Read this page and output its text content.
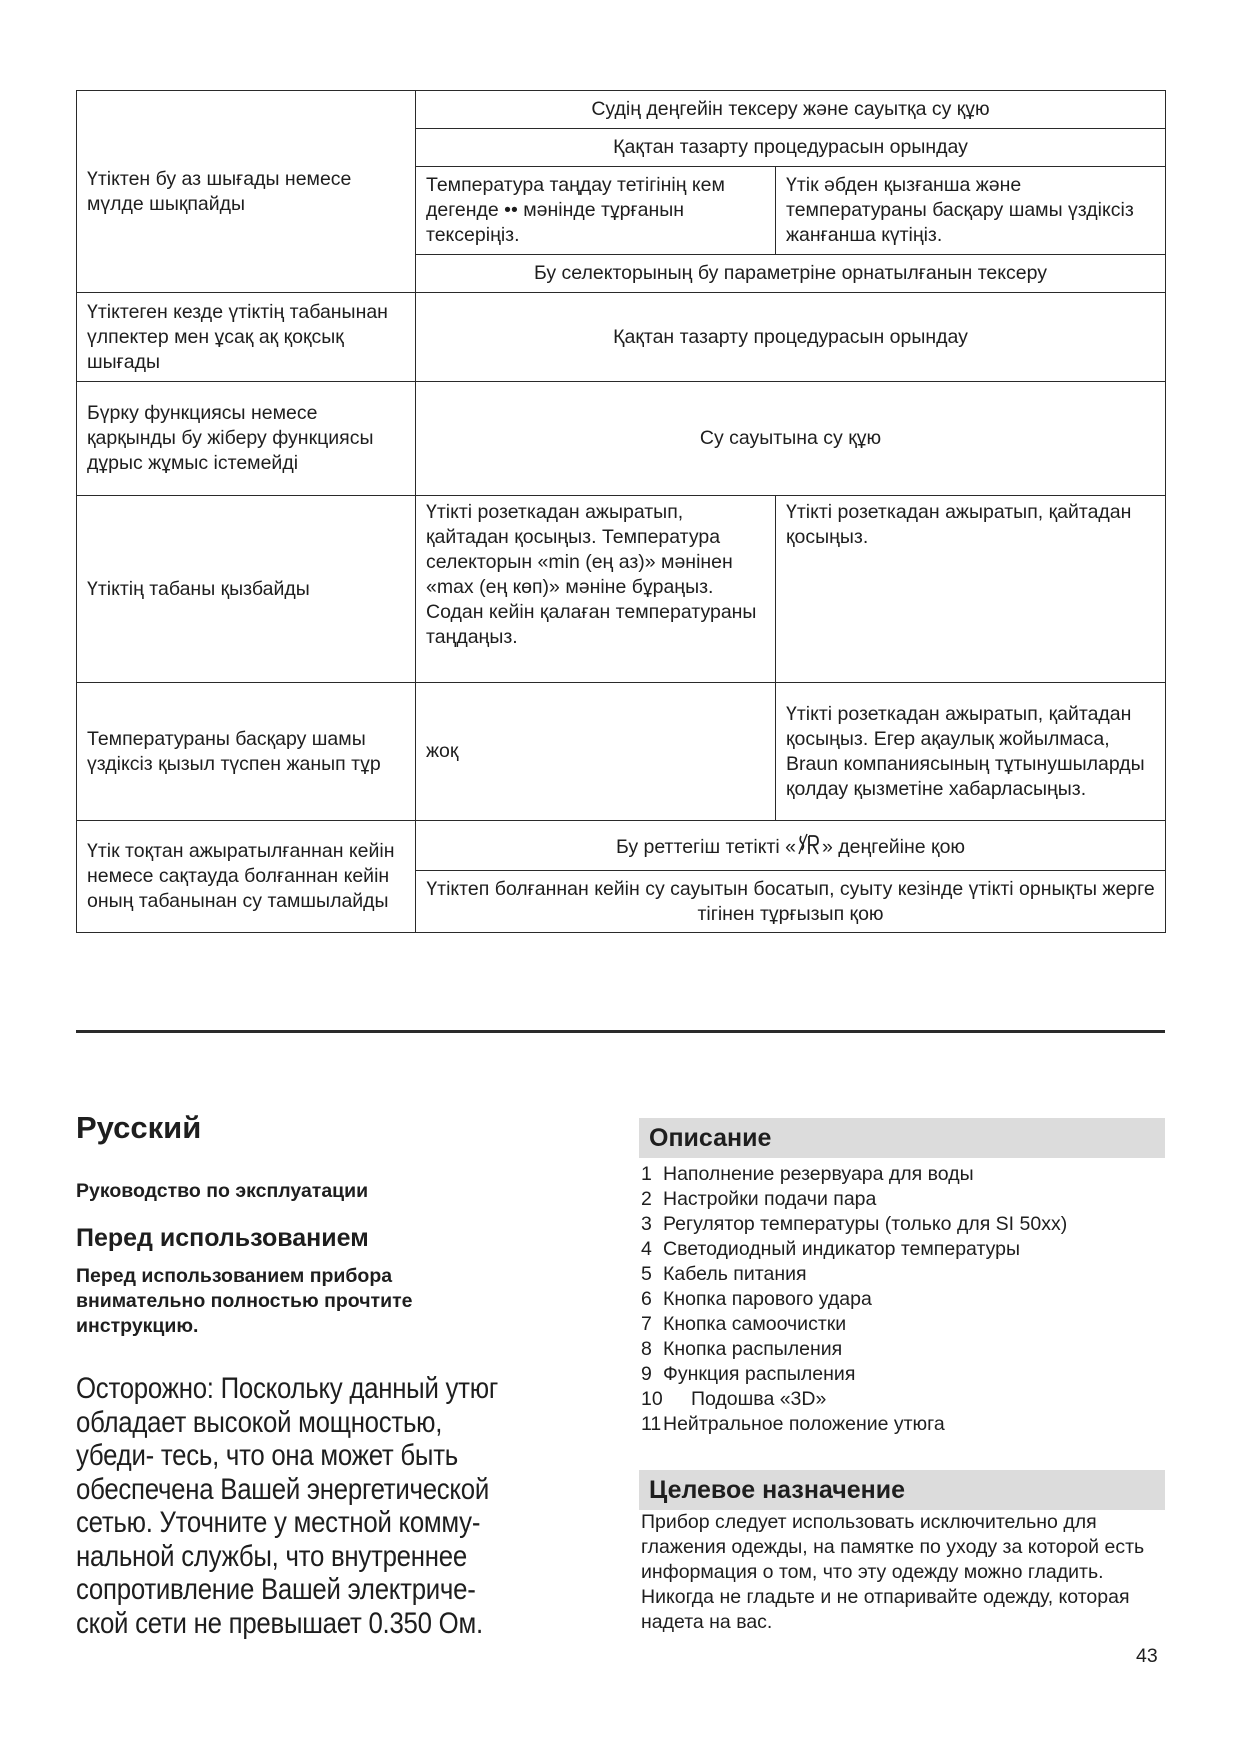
Үтіктен бу аз шығады немесе мүлде шықпайды	Судің деңгейін тексеру және сауытқа су құю	
	Қақтан тазарту процедурасын орындау	
	Температура таңдау тетігінің кем дегенде •• мәнінде тұрғанын тексеріңіз.	Үтік әбден қызғанша және температураны басқару шамы үздіксіз жанғанша күтіңіз.
	Бу селекторының бу параметріне орнатылғанын тексеру	
Үтіктеген кезде үтіктің табанынан үлпектер мен ұсақ ақ қоқсық шығады	Қақтан тазарту процедурасын орындау	
Бүрку функциясы немесе қарқынды бу жіберу функциясы дұрыс жұмыс істемейді	Су сауытына су құю	
Үтіктің табаны қызбайды	Үтікті розеткадан ажыратып, қайтадан қосыңыз. Температура селекторын «min (ең аз)» мәнінен «max (ең көп)» мәніне бұраңыз. Содан кейін қалаған температураны таңдаңыз.	Үтікті розеткадан ажыратып, қайтадан қосыңыз.
Температураны басқару шамы үздіксіз қызыл түспен жанып тұр	жоқ	Үтікті розеткадан ажыратып, қайтадан қосыңыз. Егер ақаулық жойылмаса, Braun компаниясының тұтынушыларды қолдау қызметіне хабарласыңыз.
Үтік тоқтан ажыратылғаннан кейін немесе сақтауда болғаннан кейін оның табанынан су тамшылайды	Бу реттегіш тетікті « » деңгейіне қою	
	Үтіктеп болғаннан кейін су сауытын босатып, суыту кезінде үтікті орнықты жерге тігінен тұрғызып қою	
Русский
Руководство по эксплуатации
Перед использованием

Перед использованием прибора внимательно полностью прочтите инструкцию.

Осторожно: Поскольку данный утюг обладает высокой мощностью, убеди- тесь, что она может быть обеспечена Вашей энергетической сетью. Уточните у местной комму- нальной службы, что внутреннее сопротивление Вашей электриче- ской сети не превышает 0.350 Ом.

Описание
1 Наполнение резервуара для воды
2 Настройки подачи пара
3 Регулятор температуры (только для SI 50xx)
4 Светодиодный индикатор температуры
5 Кабель питания
6 Кнопка парового удара
7 Кнопка самоочистки
8 Кнопка распыления
9 Функция распыления
10 Подошва «3D»
11Нейтральное положение утюга
Целевое назначение

Прибор следует использовать исключительно для глажения одежды, на памятке по уходу за которой есть информация о том, что эту одежду можно гладить. Никогда не гладьте и не отпаривайте одежду, которая надета на вас.

43
